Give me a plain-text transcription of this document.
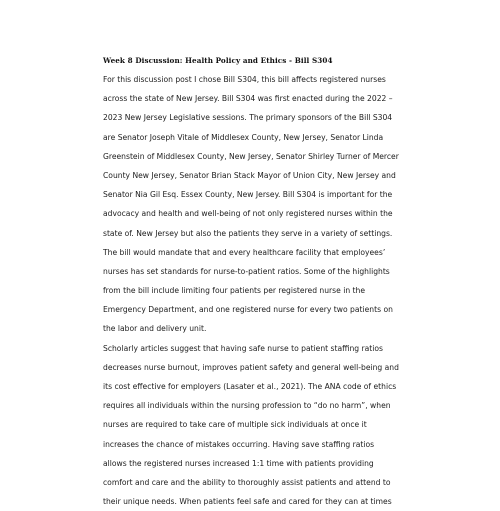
Week 8 Discussion: Health Policy and Ethics - Bill S304
For this discussion post I chose Bill S304, this bill affects registered nurses
across the state of New Jersey. Bill S304 was first enacted during the 2022 –
2023 New Jersey Legislative sessions. The primary sponsors of the Bill S304
are Senator Joseph Vitale of Middlesex County, New Jersey, Senator Linda
Greenstein of Middlesex County, New Jersey, Senator Shirley Turner of Mercer
County New Jersey, Senator Brian Stack Mayor of Union City, New Jersey and
Senator Nia Gil Esq. Essex County, New Jersey. Bill S304 is important for the
advocacy and health and well-being of not only registered nurses within the
state of. New Jersey but also the patients they serve in a variety of settings.
The bill would mandate that and every healthcare facility that employees’
nurses has set standards for nurse-to-patient ratios. Some of the highlights
from the bill include limiting four patients per registered nurse in the
Emergency Department, and one registered nurse for every two patients on
the labor and delivery unit.
Scholarly articles suggest that having safe nurse to patient staffing ratios
decreases nurse burnout, improves patient safety and general well-being and
its cost effective for employers (Lasater et al., 2021). The ANA code of ethics
requires all individuals within the nursing profession to “do no harm”, when
nurses are required to take care of multiple sick individuals at once it
increases the chance of mistakes occurring. Having save staffing ratios
allows the registered nurses increased 1:1 time with patients providing
comfort and care and the ability to thoroughly assist patients and attend to
their unique needs. When patients feel safe and cared for they can at times
